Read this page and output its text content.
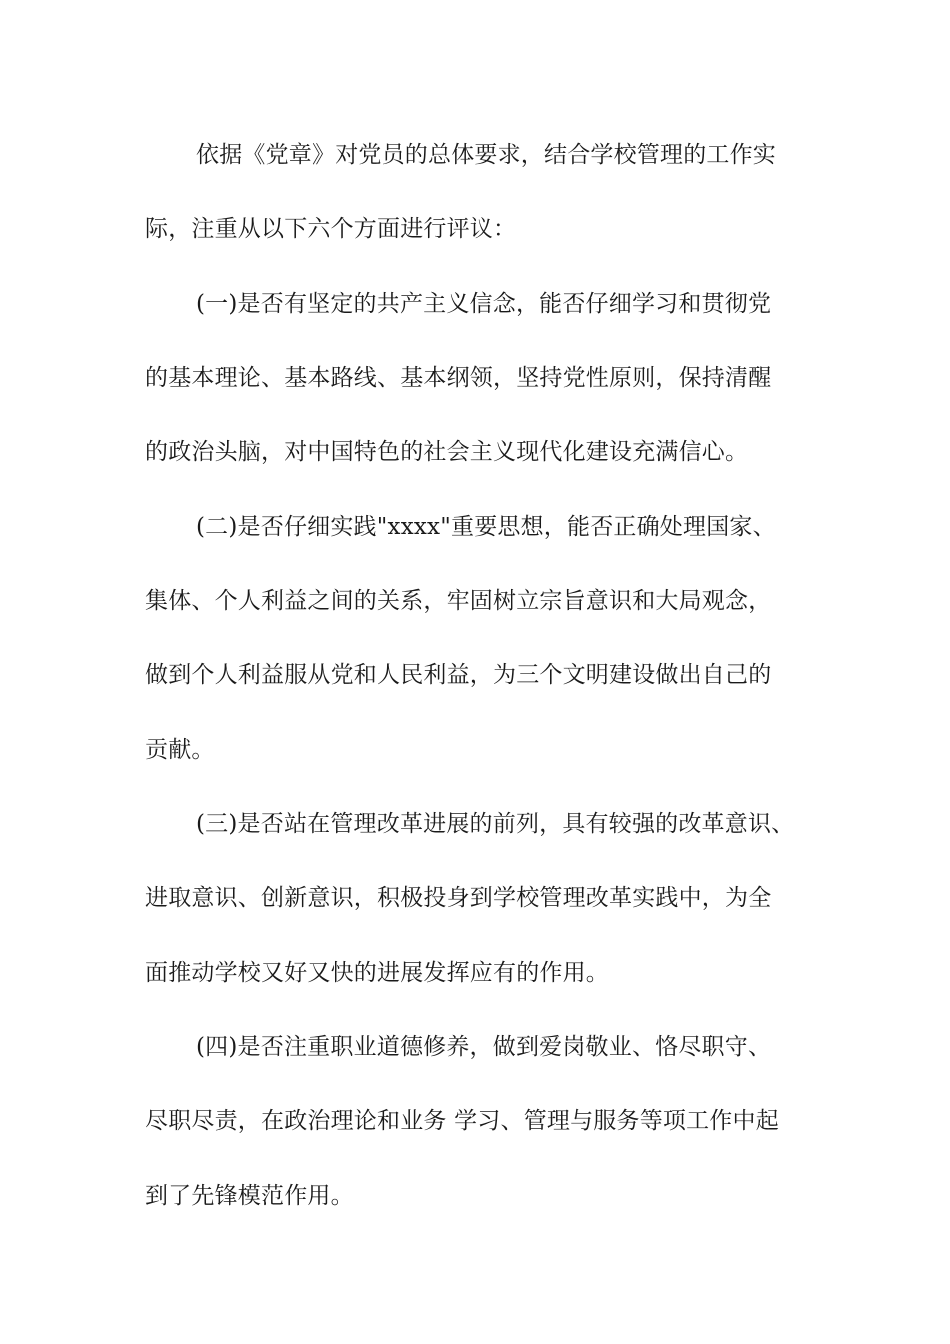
依据《党章》对党员的总体要求，结合学校管理的工作实
际，注重从以下六个方面进行评议：
(一)是否有坚定的共产主义信念，能否仔细学习和贯彻党
的基本理论、基本路线、基本纲领，坚持党性原则，保持清醒
的政治头脑，对中国特色的社会主义现代化建设充满信心。
(二)是否仔细实践"xxxx"重要思想，能否正确处理国家、
集体、个人利益之间的关系，牢固树立宗旨意识和大局观念，
做到个人利益服从党和人民利益，为三个文明建设做出自己的
贡献。
(三)是否站在管理改革进展的前列，具有较强的改革意识、
进取意识、创新意识，积极投身到学校管理改革实践中，为全
面推动学校又好又快的进展发挥应有的作用。
(四)是否注重职业道德修养，做到爱岗敬业、恪尽职守、
尽职尽责，在政治理论和业务 学习、管理与服务等项工作中起
到了先锋模范作用。
